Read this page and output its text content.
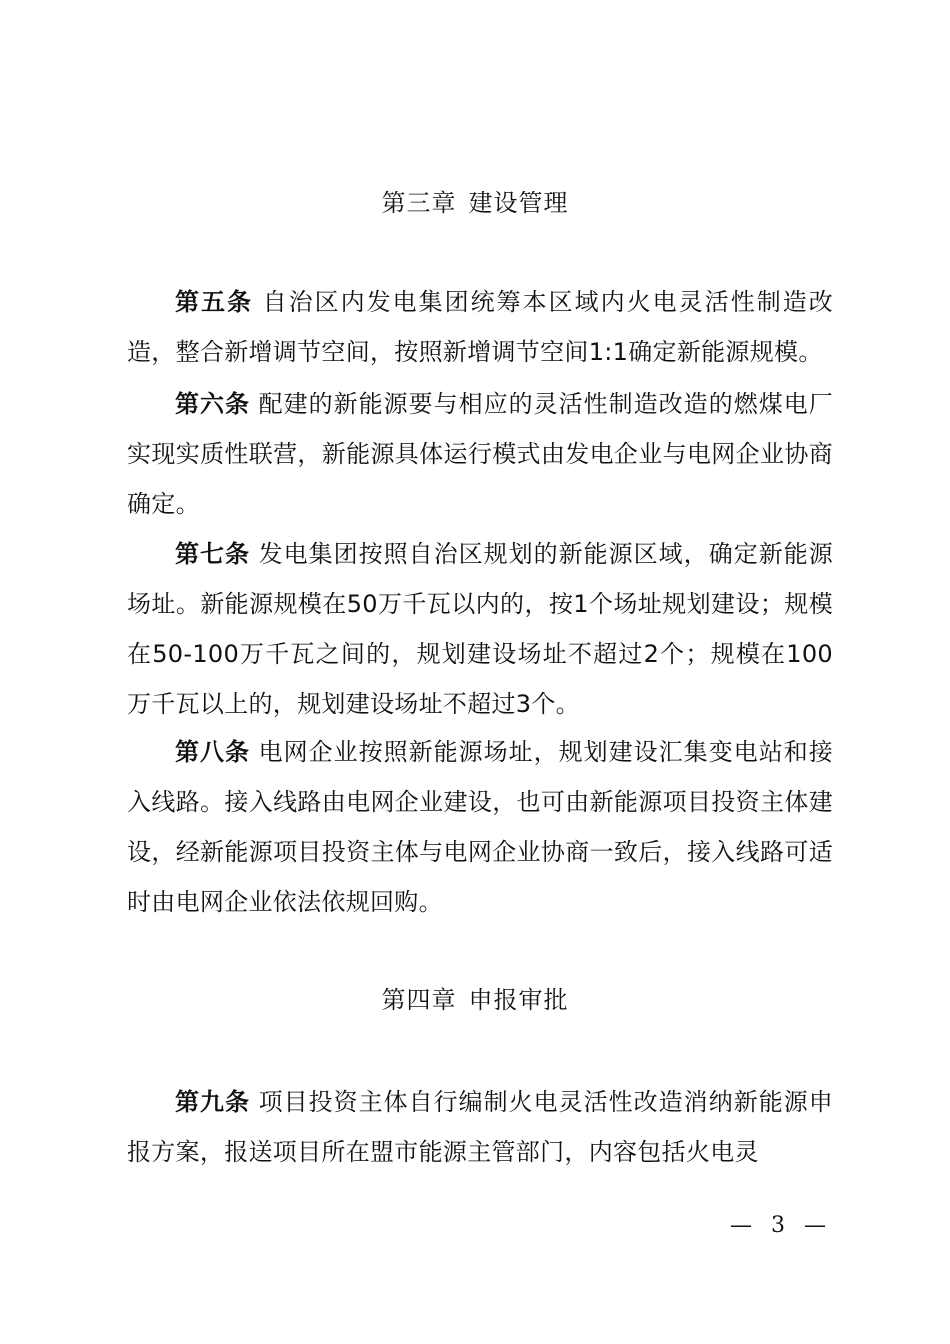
第三章 建设管理

第五条 自治区内发电集团统筹本区域内火电灵活性制造改造，整合新增调节空间，按照新增调节空间1:1确定新能源规模。

第六条 配建的新能源要与相应的灵活性制造改造的燃煤电厂实现实质性联营，新能源具体运行模式由发电企业与电网企业协商确定。

第七条 发电集团按照自治区规划的新能源区域，确定新能源场址。新能源规模在50万千瓦以内的，按1个场址规划建设；规模在50-100万千瓦之间的，规划建设场址不超过2个；规模在100万千瓦以上的，规划建设场址不超过3个。

第八条 电网企业按照新能源场址，规划建设汇集变电站和接入线路。接入线路由电网企业建设，也可由新能源项目投资主体建设，经新能源项目投资主体与电网企业协商一致后，接入线路可适时由电网企业依法依规回购。

第四章 申报审批

第九条 项目投资主体自行编制火电灵活性改造消纳新能源申报方案，报送项目所在盟市能源主管部门，内容包括火电灵

— 3 —
